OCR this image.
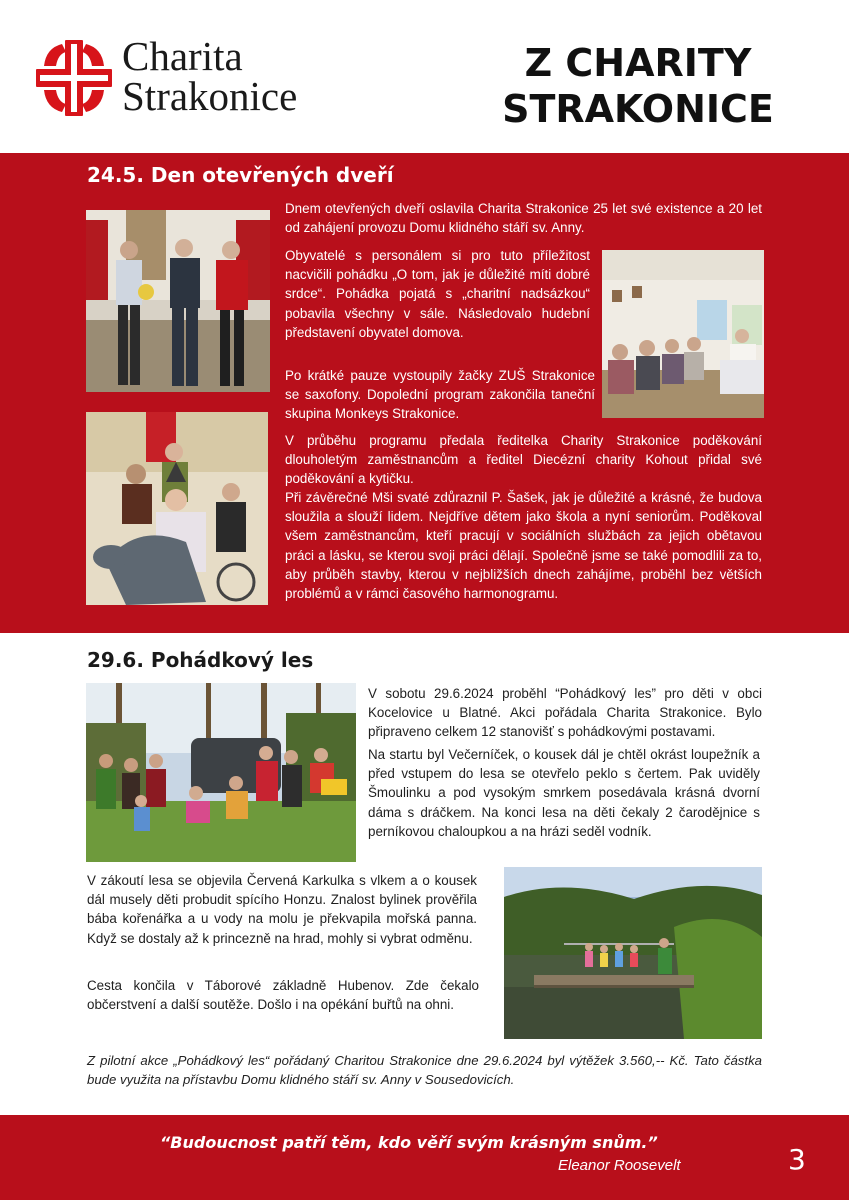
Charita
Strakonice
Z CHARITY
STRAKONICE
24.5. Den otevřených dveří
Dnem otevřených dveří oslavila Charita Strakonice 25 let své existence a 20 let od zahájení provozu Domu klidného stáří sv. Anny.
Obyvatelé s personálem si pro tuto příležitost nacvičili pohádku „O tom, jak je důležité míti dobré srdce“. Pohádka pojatá s „charitní nadsázkou“ pobavila všechny v sále. Následovalo hudební představení obyvatel domova.
Po krátké pauze vystoupily žačky ZUŠ Strakonice se saxofony. Dopolední program zakončila taneční skupina Monkeys Strakonice.
V průběhu programu předala ředitelka Charity Strakonice poděkování dlouholetým zaměstnancům a ředitel Diecézní charity Kohout přidal své poděkování a kytičku.
Při závěrečné Mši svaté zdůraznil P. Šašek, jak je důležité a krásné, že budova sloužila a slouží lidem. Nejdříve dětem jako škola a nyní seniorům. Poděkoval všem zaměstnancům, kteří pracují v sociálních službách za jejich obětavou práci a lásku, se kterou svoji práci dělají. Společně jsme se také pomodlili za to, aby průběh stavby, kterou v nejbližších dnech zahájíme, proběhl bez větších problémů a v rámci časového harmonogramu.
29.6. Pohádkový les
V sobotu 29.6.2024 proběhl “Pohádkový les” pro děti v obci Kocelovice u Blatné. Akci pořádala Charita Strakonice. Bylo připraveno celkem 12 stanovišť s pohádkovými postavami.
Na startu byl Večerníček, o kousek dál je chtěl okrást loupežník a před vstupem do lesa se otevřelo peklo s čertem. Pak uviděly Šmoulinku a pod vysokým smrkem posedávala krásná dvorní dáma s dráčkem. Na konci lesa na děti čekaly 2 čarodějnice s perníkovou chaloupkou a na hrázi seděl vodník.
V zákoutí lesa se objevila Červená Karkulka s vlkem a o kousek dál musely děti probudit spícího Honzu. Znalost bylinek prověřila bába kořenářka a u vody na molu je překvapila mořská panna. Když se dostaly až k princezně na hrad, mohly si vybrat odměnu.
Cesta končila v Táborové základně Hubenov. Zde čekalo občerstvení a další soutěže. Došlo i na opékání buřtů na ohni.
Z pilotní akce „Pohádkový les“ pořádaný Charitou Strakonice dne 29.6.2024 byl výtěžek 3.560,-- Kč. Tato částka bude využita na přístavbu Domu klidného stáří sv. Anny v Sousedovicích.
“Budoucnost patří těm, kdo věří svým krásným snům.”
Eleanor Roosevelt	3
